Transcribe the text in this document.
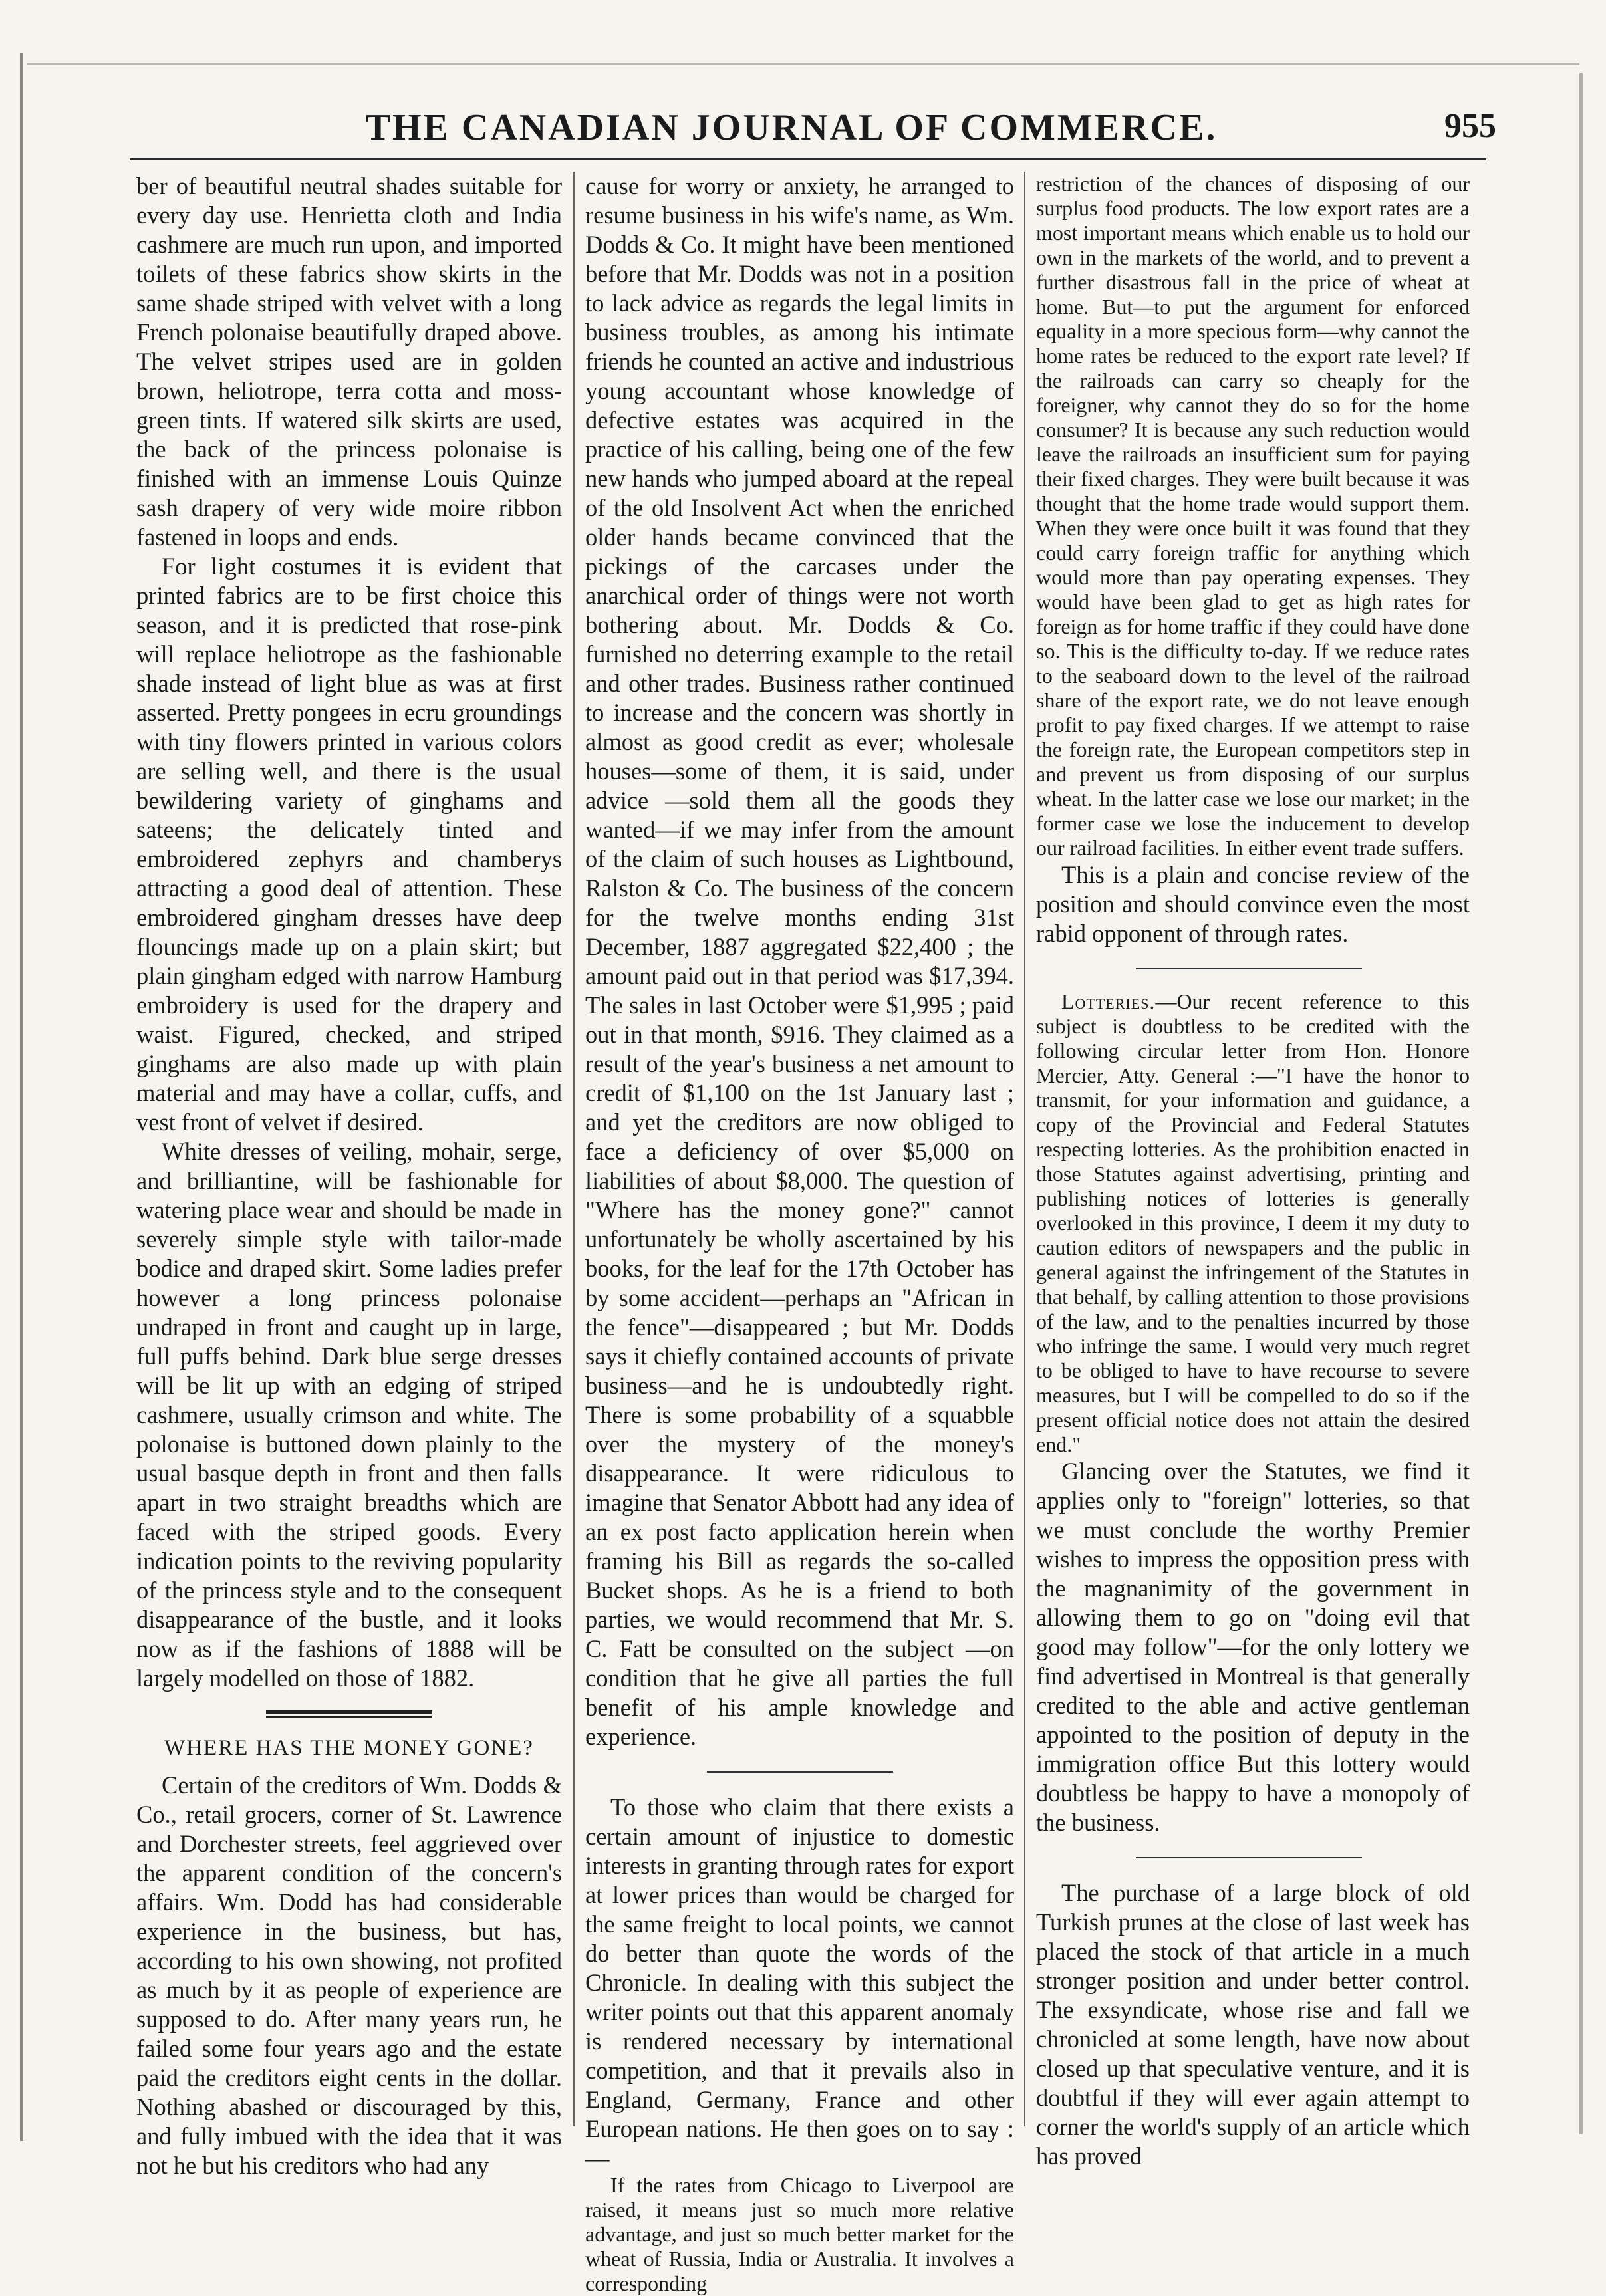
THE CANADIAN JOURNAL OF COMMERCE.	955

ber of beautiful neutral shades suitable for every day use. Henrietta cloth and India cashmere are much run upon, and imported toilets of these fabrics show skirts in the same shade striped with velvet with a long French polonaise beautifully draped above. The velvet stripes used are in golden brown, heliotrope, terra cotta and moss-green tints. If watered silk skirts are used, the back of the princess polonaise is finished with an immense Louis Quinze sash drapery of very wide moire ribbon fastened in loops and ends.

For light costumes it is evident that printed fabrics are to be first choice this season, and it is predicted that rose-pink will replace heliotrope as the fashionable shade instead of light blue as was at first asserted. Pretty pongees in ecru groundings with tiny flowers printed in various colors are selling well, and there is the usual bewildering variety of ginghams and sateens; the delicately tinted and embroidered zephyrs and chamberys attracting a good deal of attention. These embroidered gingham dresses have deep flouncings made up on a plain skirt; but plain gingham edged with narrow Hamburg embroidery is used for the drapery and waist. Figured, checked, and striped ginghams are also made up with plain material and may have a collar, cuffs, and vest front of velvet if desired.

White dresses of veiling, mohair, serge, and brilliantine, will be fashionable for watering place wear and should be made in severely simple style with tailor-made bodice and draped skirt. Some ladies prefer however a long princess polonaise undraped in front and caught up in large, full puffs behind. Dark blue serge dresses will be lit up with an edging of striped cashmere, usually crimson and white. The polonaise is buttoned down plainly to the usual basque depth in front and then falls apart in two straight breadths which are faced with the striped goods. Every indication points to the reviving popularity of the princess style and to the consequent disappearance of the bustle, and it looks now as if the fashions of 1888 will be largely modelled on those of 1882.

WHERE HAS THE MONEY GONE?

Certain of the creditors of Wm. Dodds & Co., retail grocers, corner of St. Lawrence and Dorchester streets, feel aggrieved over the apparent condition of the concern's affairs. Wm. Dodd has had considerable experience in the business, but has, according to his own showing, not profited as much by it as people of experience are supposed to do. After many years run, he failed some four years ago and the estate paid the creditors eight cents in the dollar. Nothing abashed or discouraged by this, and fully imbued with the idea that it was not he but his creditors who had any

cause for worry or anxiety, he arranged to resume business in his wife's name, as Wm. Dodds & Co. It might have been mentioned before that Mr. Dodds was not in a position to lack advice as regards the legal limits in business troubles, as among his intimate friends he counted an active and industrious young accountant whose knowledge of defective estates was acquired in the practice of his calling, being one of the few new hands who jumped aboard at the repeal of the old Insolvent Act when the enriched older hands became convinced that the pickings of the carcases under the anarchical order of things were not worth bothering about. Mr. Dodds & Co. furnished no deterring example to the retail and other trades. Business rather continued to increase and the concern was shortly in almost as good credit as ever; wholesale houses—some of them, it is said, under advice —sold them all the goods they wanted—if we may infer from the amount of the claim of such houses as Lightbound, Ralston & Co. The business of the concern for the twelve months ending 31st December, 1887 aggregated $22,400 ; the amount paid out in that period was $17,394. The sales in last October were $1,995 ; paid out in that month, $916. They claimed as a result of the year's business a net amount to credit of $1,100 on the 1st January last ; and yet the creditors are now obliged to face a deficiency of over $5,000 on liabilities of about $8,000. The question of "Where has the money gone?" cannot unfortunately be wholly ascertained by his books, for the leaf for the 17th October has by some accident—perhaps an "African in the fence"—disappeared ; but Mr. Dodds says it chiefly contained accounts of private business—and he is undoubtedly right. There is some probability of a squabble over the mystery of the money's disappearance. It were ridiculous to imagine that Senator Abbott had any idea of an ex post facto application herein when framing his Bill as regards the so-called Bucket shops. As he is a friend to both parties, we would recommend that Mr. S. C. Fatt be consulted on the subject —on condition that he give all parties the full benefit of his ample knowledge and experience.

To those who claim that there exists a certain amount of injustice to domestic interests in granting through rates for export at lower prices than would be charged for the same freight to local points, we cannot do better than quote the words of the Chronicle. In dealing with this subject the writer points out that this apparent anomaly is rendered necessary by international competition, and that it prevails also in England, Germany, France and other European nations. He then goes on to say :—

If the rates from Chicago to Liverpool are raised, it means just so much more relative advantage, and just so much better market for the wheat of Russia, India or Australia. It involves a corresponding

restriction of the chances of disposing of our surplus food products. The low export rates are a most important means which enable us to hold our own in the markets of the world, and to prevent a further disastrous fall in the price of wheat at home. But—to put the argument for enforced equality in a more specious form—why cannot the home rates be reduced to the export rate level? If the railroads can carry so cheaply for the foreigner, why cannot they do so for the home consumer? It is because any such reduction would leave the railroads an insufficient sum for paying their fixed charges. They were built because it was thought that the home trade would support them. When they were once built it was found that they could carry foreign traffic for anything which would more than pay operating expenses. They would have been glad to get as high rates for foreign as for home traffic if they could have done so. This is the difficulty to-day. If we reduce rates to the seaboard down to the level of the railroad share of the export rate, we do not leave enough profit to pay fixed charges. If we attempt to raise the foreign rate, the European competitors step in and prevent us from disposing of our surplus wheat. In the latter case we lose our market; in the former case we lose the inducement to develop our railroad facilities. In either event trade suffers.

This is a plain and concise review of the position and should convince even the most rabid opponent of through rates.

Lotteries.—Our recent reference to this subject is doubtless to be credited with the following circular letter from Hon. Honore Mercier, Atty. General :—"I have the honor to transmit, for your information and guidance, a copy of the Provincial and Federal Statutes respecting lotteries. As the prohibition enacted in those Statutes against advertising, printing and publishing notices of lotteries is generally overlooked in this province, I deem it my duty to caution editors of newspapers and the public in general against the infringement of the Statutes in that behalf, by calling attention to those provisions of the law, and to the penalties incurred by those who infringe the same. I would very much regret to be obliged to have to have recourse to severe measures, but I will be compelled to do so if the present official notice does not attain the desired end."

Glancing over the Statutes, we find it applies only to "foreign" lotteries, so that we must conclude the worthy Premier wishes to impress the opposition press with the magnanimity of the government in allowing them to go on "doing evil that good may follow"—for the only lottery we find advertised in Montreal is that generally credited to the able and active gentleman appointed to the position of deputy in the immigration office But this lottery would doubtless be happy to have a monopoly of the business.

The purchase of a large block of old Turkish prunes at the close of last week has placed the stock of that article in a much stronger position and under better control. The exsyndicate, whose rise and fall we chronicled at some length, have now about closed up that speculative venture, and it is doubtful if they will ever again attempt to corner the world's supply of an article which has proved
